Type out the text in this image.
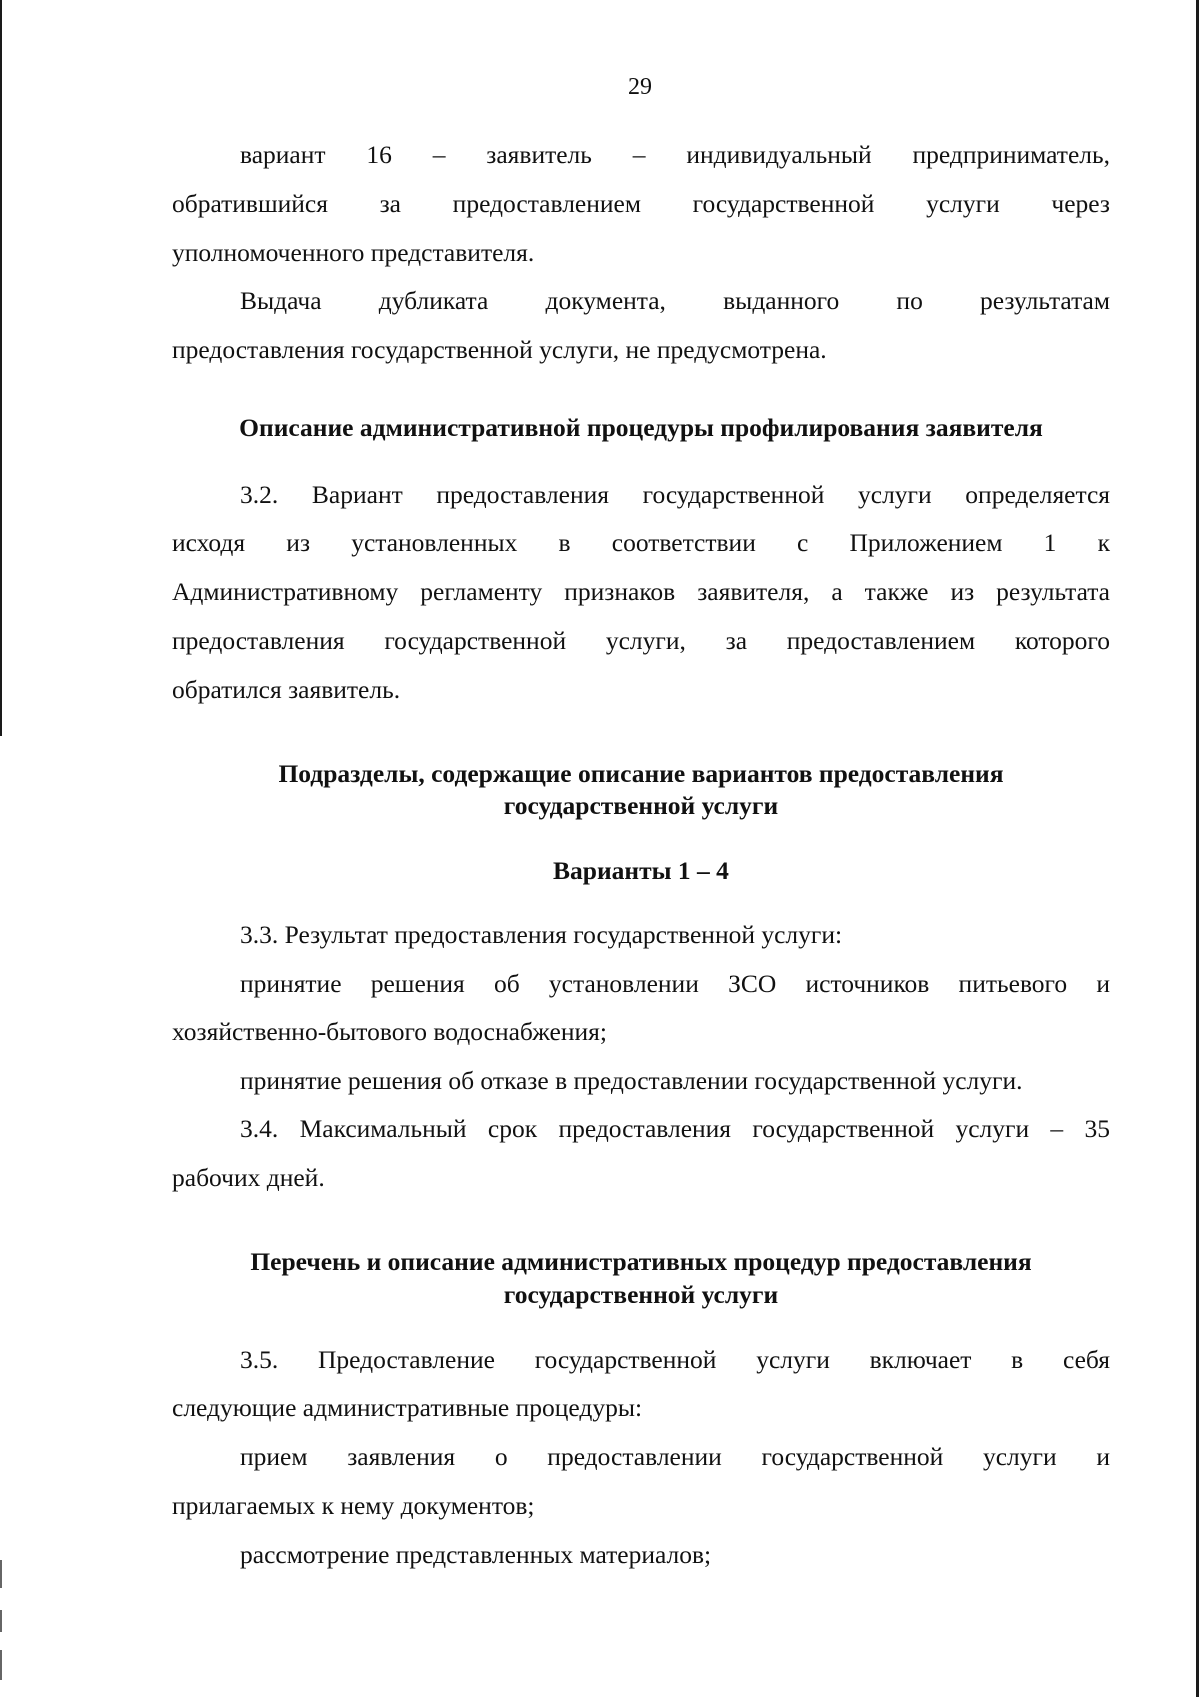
29
вариант 16 – заявитель – индивидуальный предприниматель,
обратившийся за предоставлением государственной услуги через
уполномоченного представителя.
Выдача дубликата документа, выданного по результатам
предоставления государственной услуги, не предусмотрена.
Описание административной процедуры профилирования заявителя
3.2. Вариант предоставления государственной услуги определяется
исходя из установленных в соответствии с Приложением 1 к
Административному регламенту признаков заявителя, а также из результата
предоставления государственной услуги, за предоставлением которого
обратился заявитель.
Подразделы, содержащие описание вариантов предоставления
государственной услуги
Варианты 1 – 4
3.3. Результат предоставления государственной услуги:
принятие решения об установлении ЗСО источников питьевого и
хозяйственно-бытового водоснабжения;
принятие решения об отказе в предоставлении государственной услуги.
3.4. Максимальный срок предоставления государственной услуги – 35
рабочих дней.
Перечень и описание административных процедур предоставления
государственной услуги
3.5. Предоставление государственной услуги включает в себя
следующие административные процедуры:
прием заявления о предоставлении государственной услуги и
прилагаемых к нему документов;
рассмотрение представленных материалов;
